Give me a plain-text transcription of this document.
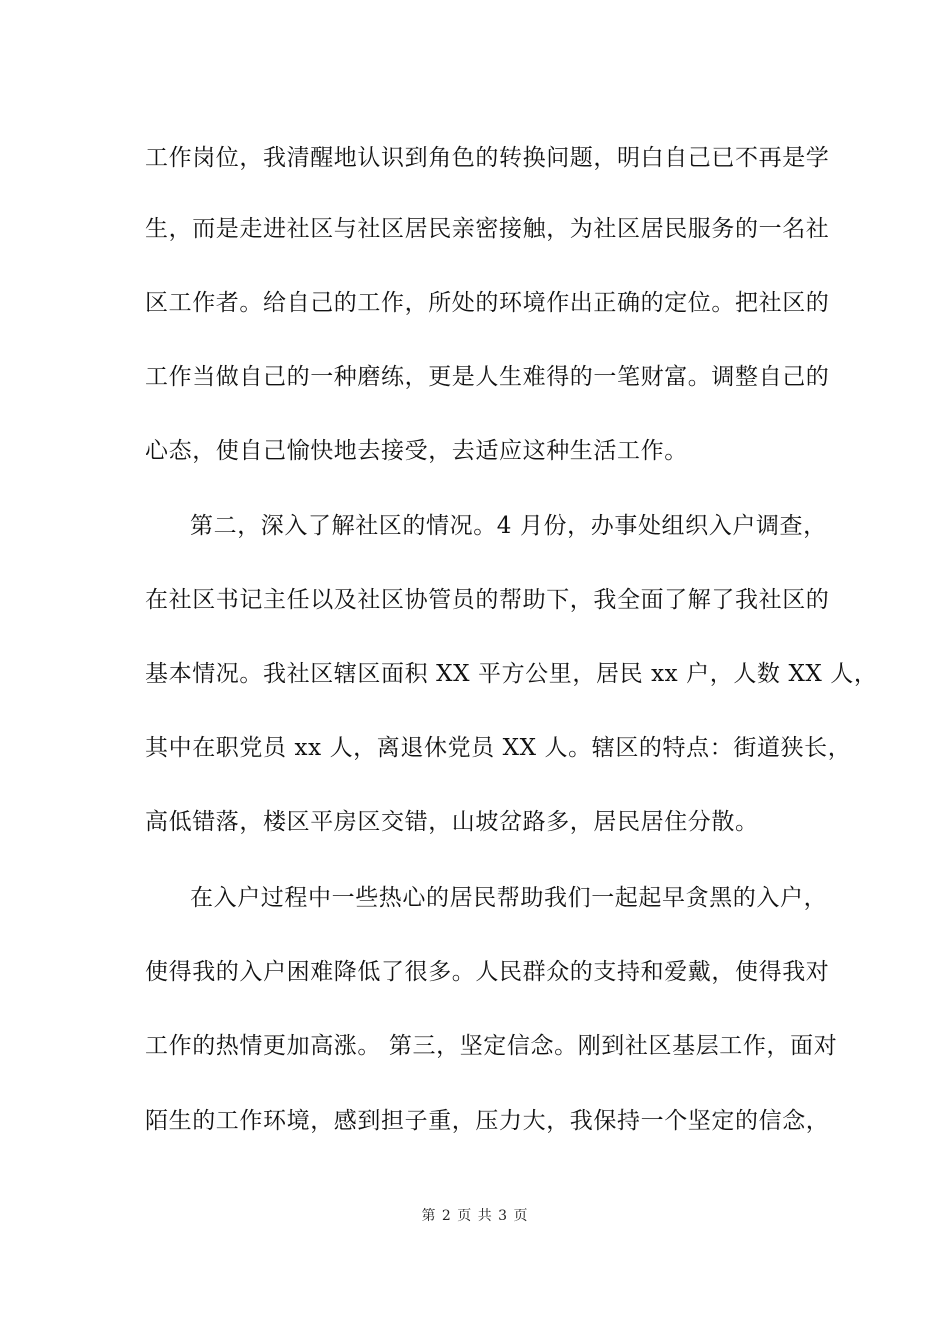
工作岗位，我清醒地认识到角色的转换问题，明白自己已不再是学
生，而是走进社区与社区居民亲密接触，为社区居民服务的一名社
区工作者。给自己的工作，所处的环境作出正确的定位。把社区的
工作当做自己的一种磨练，更是人生难得的一笔财富。调整自己的
心态，使自己愉快地去接受，去适应这种生活工作。
第二，深入了解社区的情况。4 月份，办事处组织入户调查，
在社区书记主任以及社区协管员的帮助下，我全面了解了我社区的
基本情况。我社区辖区面积 XX 平方公里，居民 xx 户，人数 XX 人，
其中在职党员 xx 人，离退休党员 XX 人。辖区的特点：街道狭长，
高低错落，楼区平房区交错，山坡岔路多，居民居住分散。
在入户过程中一些热心的居民帮助我们一起起早贪黑的入户，
使得我的入户困难降低了很多。人民群众的支持和爱戴，使得我对
工作的热情更加高涨。 第三，坚定信念。刚到社区基层工作，面对
陌生的工作环境，感到担子重，压力大，我保持一个坚定的信念，
第 2 页 共 3 页
